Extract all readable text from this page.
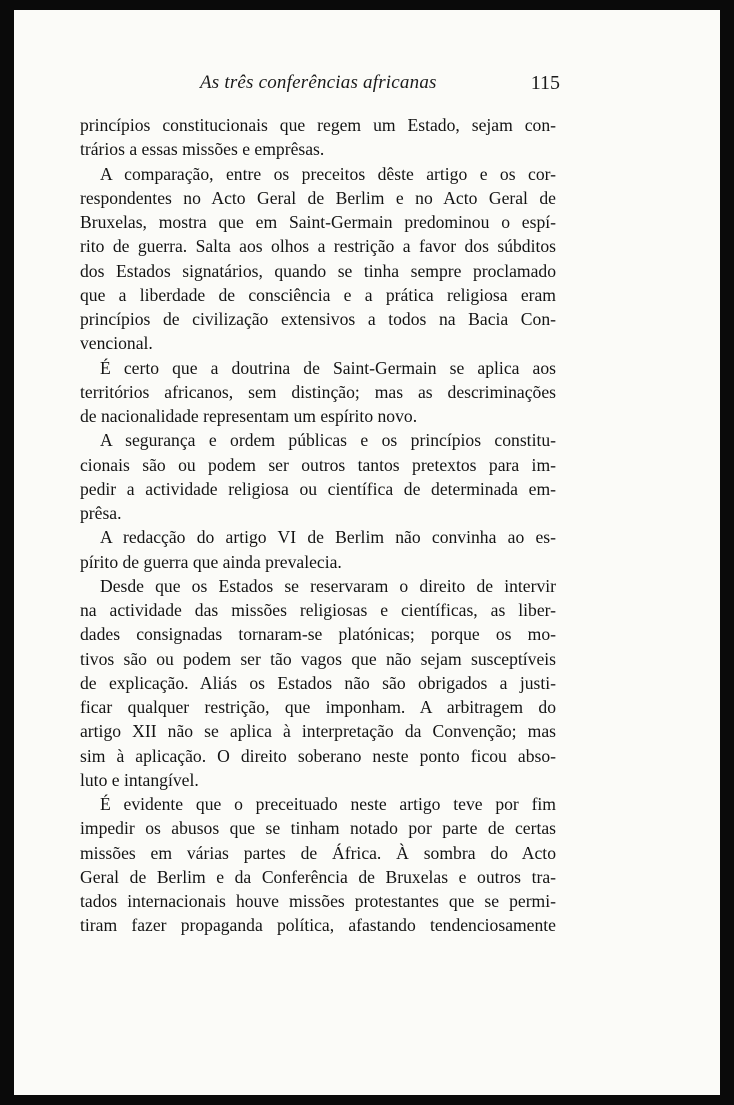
As três conferências africanas	115
princípios constitucionais que regem um Estado, sejam con-
trários a essas missões e emprêsas.
A comparação, entre os preceitos dêste artigo e os cor-
respondentes no Acto Geral de Berlim e no Acto Geral de
Bruxelas, mostra que em Saint-Germain predominou o espí-
rito de guerra. Salta aos olhos a restrição a favor dos súbditos
dos Estados signatários, quando se tinha sempre proclamado
que a liberdade de consciência e a prática religiosa eram
princípios de civilização extensivos a todos na Bacia Con-
vencional.
É certo que a doutrina de Saint-Germain se aplica aos
territórios africanos, sem distinção; mas as descriminações
de nacionalidade representam um espírito novo.
A segurança e ordem públicas e os princípios constitu-
cionais são ou podem ser outros tantos pretextos para im-
pedir a actividade religiosa ou científica de determinada em-
prêsa.
A redacção do artigo VI de Berlim não convinha ao es-
pírito de guerra que ainda prevalecia.
Desde que os Estados se reservaram o direito de intervir
na actividade das missões religiosas e científicas, as liber-
dades consignadas tornaram-se platónicas; porque os mo-
tivos são ou podem ser tão vagos que não sejam susceptíveis
de explicação. Aliás os Estados não são obrigados a justi-
ficar qualquer restrição, que imponham. A arbitragem do
artigo XII não se aplica à interpretação da Convenção; mas
sim à aplicação. O direito soberano neste ponto ficou abso-
luto e intangível.
É evidente que o preceituado neste artigo teve por fim
impedir os abusos que se tinham notado por parte de certas
missões em várias partes de África. À sombra do Acto
Geral de Berlim e da Conferência de Bruxelas e outros tra-
tados internacionais houve missões protestantes que se permi-
tiram fazer propaganda política, afastando tendenciosamente
